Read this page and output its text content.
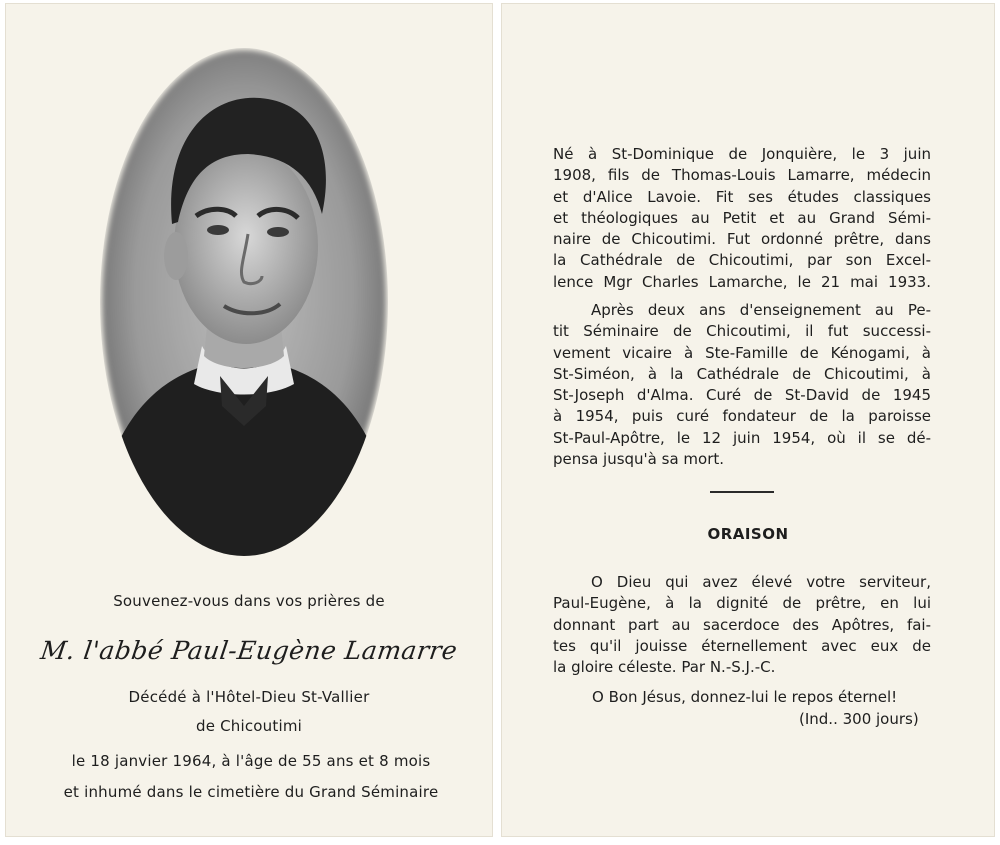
Souvenez-vous dans vos prières de
M. l'abbé Paul-Eugène Lamarre
Décédé à l'Hôtel-Dieu St-Vallier
de Chicoutimi
le 18 janvier 1964, à l'âge de 55 ans et 8 mois
et inhumé dans le cimetière du Grand Séminaire
Né à St-Dominique de Jonquière, le 3 juin
1908, fils de Thomas-Louis Lamarre, médecin
et d'Alice Lavoie. Fit ses études classiques
et théologiques au Petit et au Grand Sémi-
naire de Chicoutimi. Fut ordonné prêtre, dans
la Cathédrale de Chicoutimi, par son Excel-
lence Mgr Charles Lamarche, le 21 mai 1933.
Après deux ans d'enseignement au Pe-
tit Séminaire de Chicoutimi, il fut successi-
vement vicaire à Ste-Famille de Kénogami, à
St-Siméon, à la Cathédrale de Chicoutimi, à
St-Joseph d'Alma. Curé de St-David de 1945
à 1954, puis curé fondateur de la paroisse
St-Paul-Apôtre, le 12 juin 1954, où il se dé-
pensa jusqu'à sa mort.
ORAISON
O Dieu qui avez élevé votre serviteur,
Paul-Eugène, à la dignité de prêtre, en lui
donnant part au sacerdoce des Apôtres, fai-
tes qu'il jouisse éternellement avec eux de
la gloire céleste. Par N.-S.J.-C.
O Bon Jésus, donnez-lui le repos éternel!
(Ind.. 300 jours)
